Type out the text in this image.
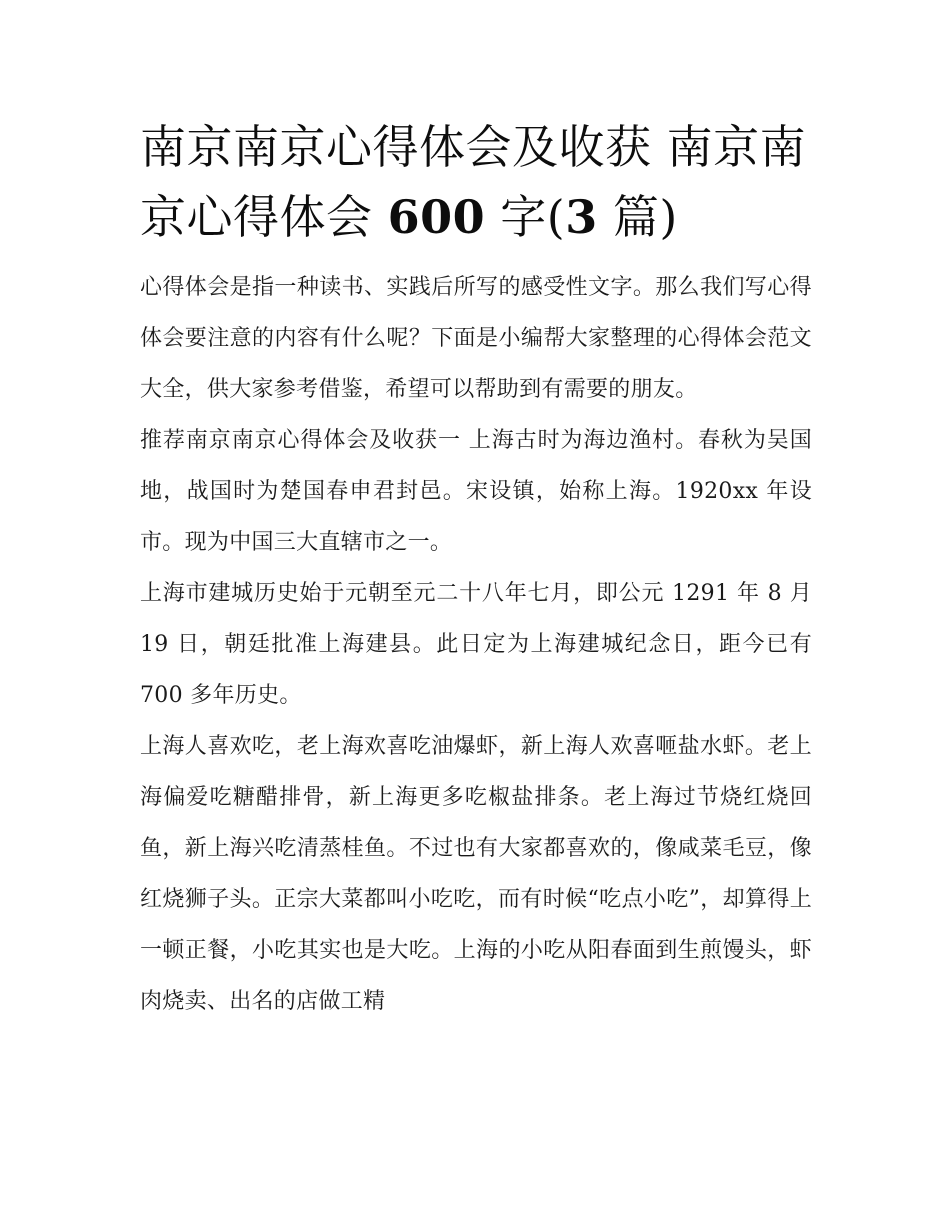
南京南京心得体会及收获 南京南京心得体会 600 字(3 篇)

心得体会是指一种读书、实践后所写的感受性文字。那么我们写心得体会要注意的内容有什么呢？下面是小编帮大家整理的心得体会范文大全，供大家参考借鉴，希望可以帮助到有需要的朋友。

推荐南京南京心得体会及收获一 上海古时为海边渔村。春秋为吴国地，战国时为楚国春申君封邑。宋设镇，始称上海。1920xx 年设市。现为中国三大直辖市之一。

上海市建城历史始于元朝至元二十八年七月，即公元 1291 年 8 月 19 日，朝廷批准上海建县。此日定为上海建城纪念日，距今已有 700 多年历史。

上海人喜欢吃，老上海欢喜吃油爆虾，新上海人欢喜咂盐水虾。老上海偏爱吃糖醋排骨，新上海更多吃椒盐排条。老上海过节烧红烧回鱼，新上海兴吃清蒸桂鱼。不过也有大家都喜欢的，像咸菜毛豆，像红烧狮子头。正宗大菜都叫小吃吃，而有时候“吃点小吃”，却算得上一顿正餐，小吃其实也是大吃。上海的小吃从阳春面到生煎馒头，虾肉烧卖、出名的店做工精
